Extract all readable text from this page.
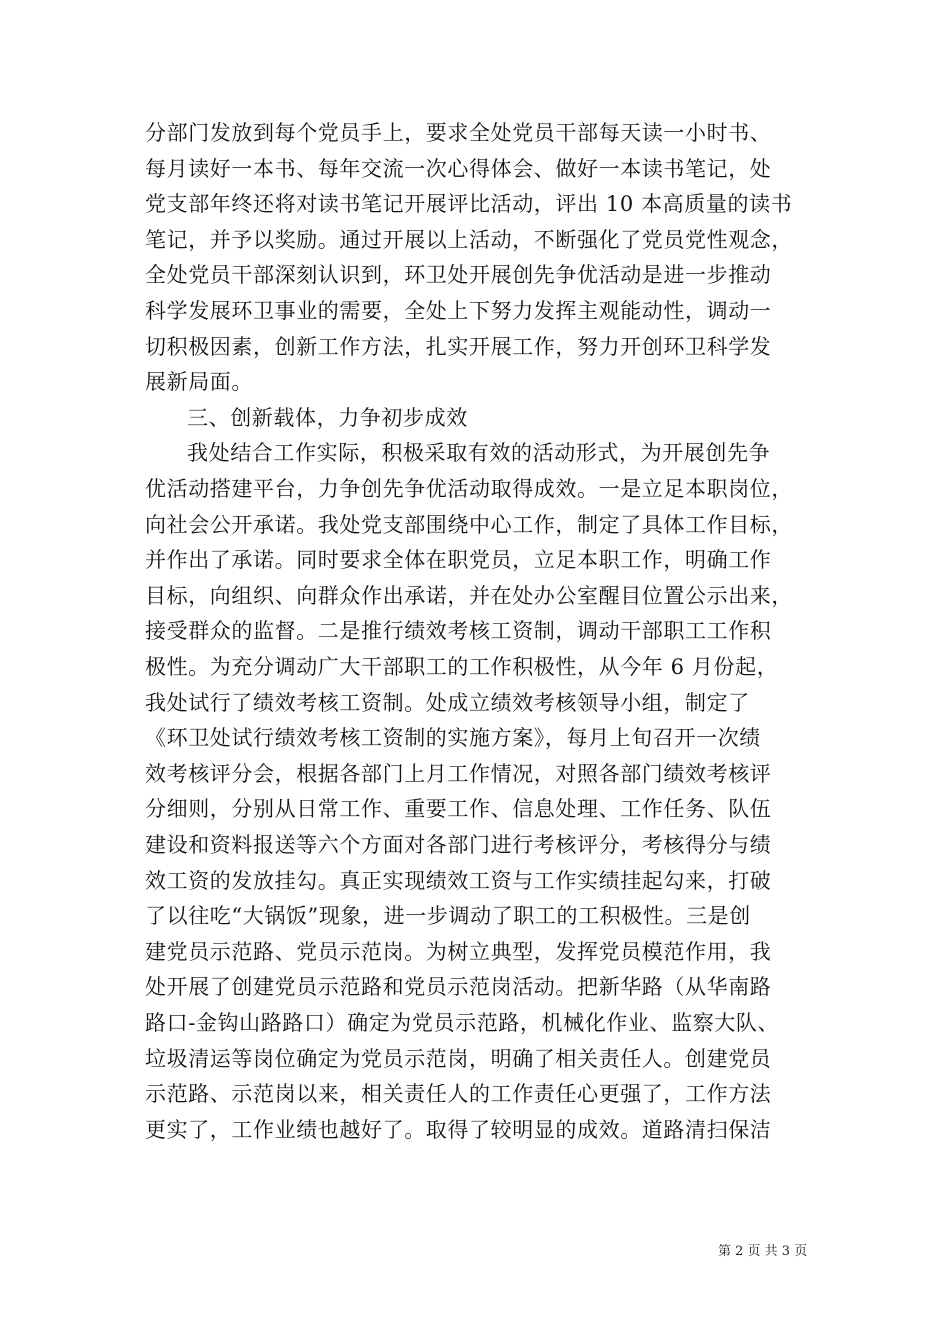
分部门发放到每个党员手上，要求全处党员干部每天读一小时书、
每月读好一本书、每年交流一次心得体会、做好一本读书笔记，处
党支部年终还将对读书笔记开展评比活动，评出 10 本高质量的读书
笔记，并予以奖励。通过开展以上活动，不断强化了党员党性观念，
全处党员干部深刻认识到，环卫处开展创先争优活动是进一步推动
科学发展环卫事业的需要，全处上下努力发挥主观能动性，调动一
切积极因素，创新工作方法，扎实开展工作，努力开创环卫科学发
展新局面。
三、创新载体，力争初步成效
我处结合工作实际，积极采取有效的活动形式，为开展创先争
优活动搭建平台，力争创先争优活动取得成效。一是立足本职岗位，
向社会公开承诺。我处党支部围绕中心工作，制定了具体工作目标，
并作出了承诺。同时要求全体在职党员，立足本职工作，明确工作
目标，向组织、向群众作出承诺，并在处办公室醒目位置公示出来，
接受群众的监督。二是推行绩效考核工资制，调动干部职工工作积
极性。为充分调动广大干部职工的工作积极性，从今年 6 月份起，
我处试行了绩效考核工资制。处成立绩效考核领导小组，制定了
《环卫处试行绩效考核工资制的实施方案》，每月上旬召开一次绩
效考核评分会，根据各部门上月工作情况，对照各部门绩效考核评
分细则，分别从日常工作、重要工作、信息处理、工作任务、队伍
建设和资料报送等六个方面对各部门进行考核评分，考核得分与绩
效工资的发放挂勾。真正实现绩效工资与工作实绩挂起勾来，打破
了以往吃“大锅饭”现象，进一步调动了职工的工积极性。三是创
建党员示范路、党员示范岗。为树立典型，发挥党员模范作用，我
处开展了创建党员示范路和党员示范岗活动。把新华路（从华南路
路口-金钩山路路口）确定为党员示范路，机械化作业、监察大队、
垃圾清运等岗位确定为党员示范岗，明确了相关责任人。创建党员
示范路、示范岗以来，相关责任人的工作责任心更强了，工作方法
更实了，工作业绩也越好了。取得了较明显的成效。道路清扫保洁
第 2 页 共 3 页
